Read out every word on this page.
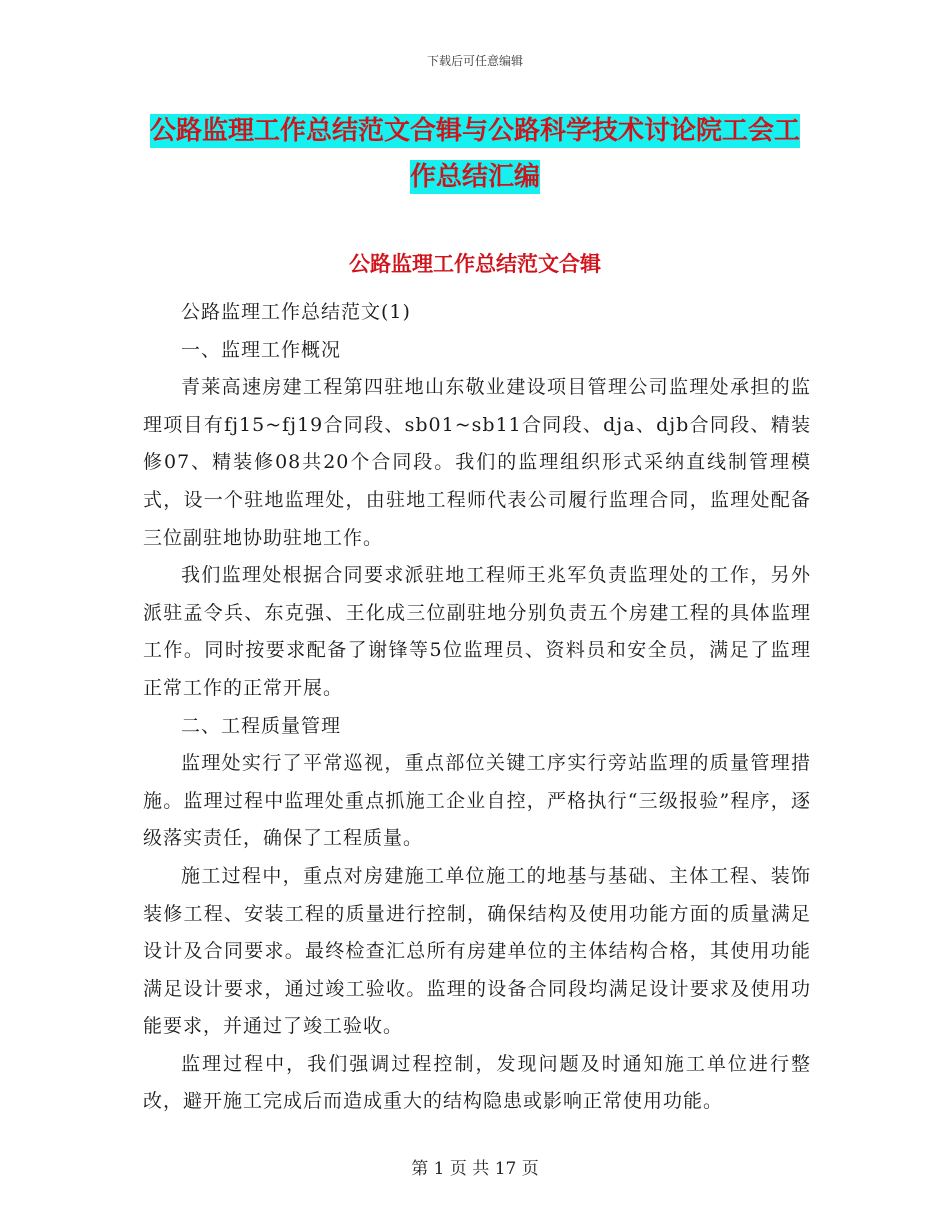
下载后可任意编辑
公路监理工作总结范文合辑与公路科学技术讨论院工会工作总结汇编
公路监理工作总结范文合辑

公路监理工作总结范文(1)

一、监理工作概况

青莱高速房建工程第四驻地山东敬业建设项目管理公司监理处承担的监理项目有fj15~fj19合同段、sb01~sb11合同段、dja、djb合同段、精装修07、精装修08共20个合同段。我们的监理组织形式采纳直线制管理模式，设一个驻地监理处，由驻地工程师代表公司履行监理合同，监理处配备三位副驻地协助驻地工作。

我们监理处根据合同要求派驻地工程师王兆军负责监理处的工作，另外派驻孟令兵、东克强、王化成三位副驻地分别负责五个房建工程的具体监理工作。同时按要求配备了谢锋等5位监理员、资料员和安全员，满足了监理正常工作的正常开展。

二、工程质量管理

监理处实行了平常巡视，重点部位关键工序实行旁站监理的质量管理措施。监理过程中监理处重点抓施工企业自控，严格执行“三级报验”程序，逐级落实责任，确保了工程质量。

施工过程中，重点对房建施工单位施工的地基与基础、主体工程、装饰装修工程、安装工程的质量进行控制，确保结构及使用功能方面的质量满足设计及合同要求。最终检查汇总所有房建单位的主体结构合格，其使用功能满足设计要求，通过竣工验收。监理的设备合同段均满足设计要求及使用功能要求，并通过了竣工验收。

监理过程中，我们强调过程控制，发现问题及时通知施工单位进行整改，避开施工完成后而造成重大的结构隐患或影响正常使用功能。

第 1 页 共 17 页
